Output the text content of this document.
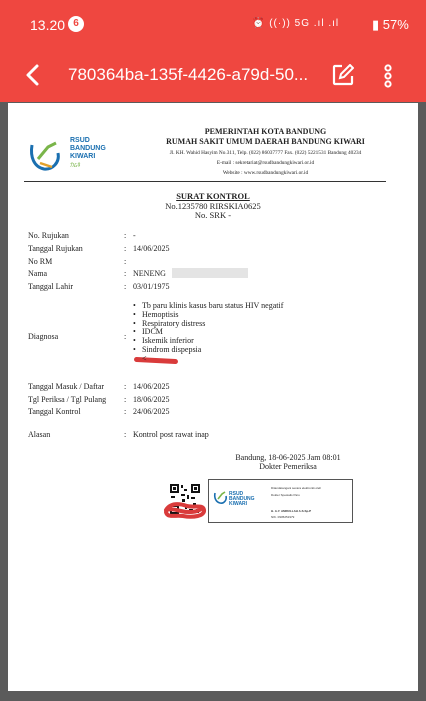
13.20 6	⏰ ((·)) 5G .ıl .ıl	▮ 57%
780364ba-135f-4426-a79d-50...
RSUD
BANDUNG
KIWARI
ᮊᮤᮝᮛᮤ
PEMERINTAH KOTA BANDUNG
RUMAH SAKIT UMUM DAERAH BANDUNG KIWARI
Jl. KH. Wahid Hasyim No.311, Telp. (022) 86037777 Fax. (022) 5221531 Bandung 40234
E-mail : sekretariat@rsudbandungkiwari.or.id
Website : www.rsudbandungkiwari.or.id
SURAT KONTROL
No.1235780 RIRSKIA0625
No. SRK -
No. Rujukan	: -
Tanggal Rujukan	: 14/06/2025
No RM	:
Nama	: NENENG
Tanggal Lahir	: 03/01/1975
Diagnosa	:
• Tb paru klinis kasus baru status HIV negatif
• Hemoptisis
• Respiratory distress
• IDCM
• Iskemik inferior
• Sindrom dispepsia
<
Tanggal Masuk / Daftar : 14/06/2025
Tgl Periksa / Tgl Pulang : 18/06/2025
Tanggal Kontrol	: 24/06/2025
Alasan	: Kontrol post rawat inap
Bandung, 18-06-2025 Jam 08:01
Dokter Pemeriksa
RSUD
BANDUNG
KIWARI
Ditandatangani secara elektronik oleh
Dokter Spesialis Paru
H. A.Y. AMRULLAH A.S.Sp.P
NIK. 0905251979
